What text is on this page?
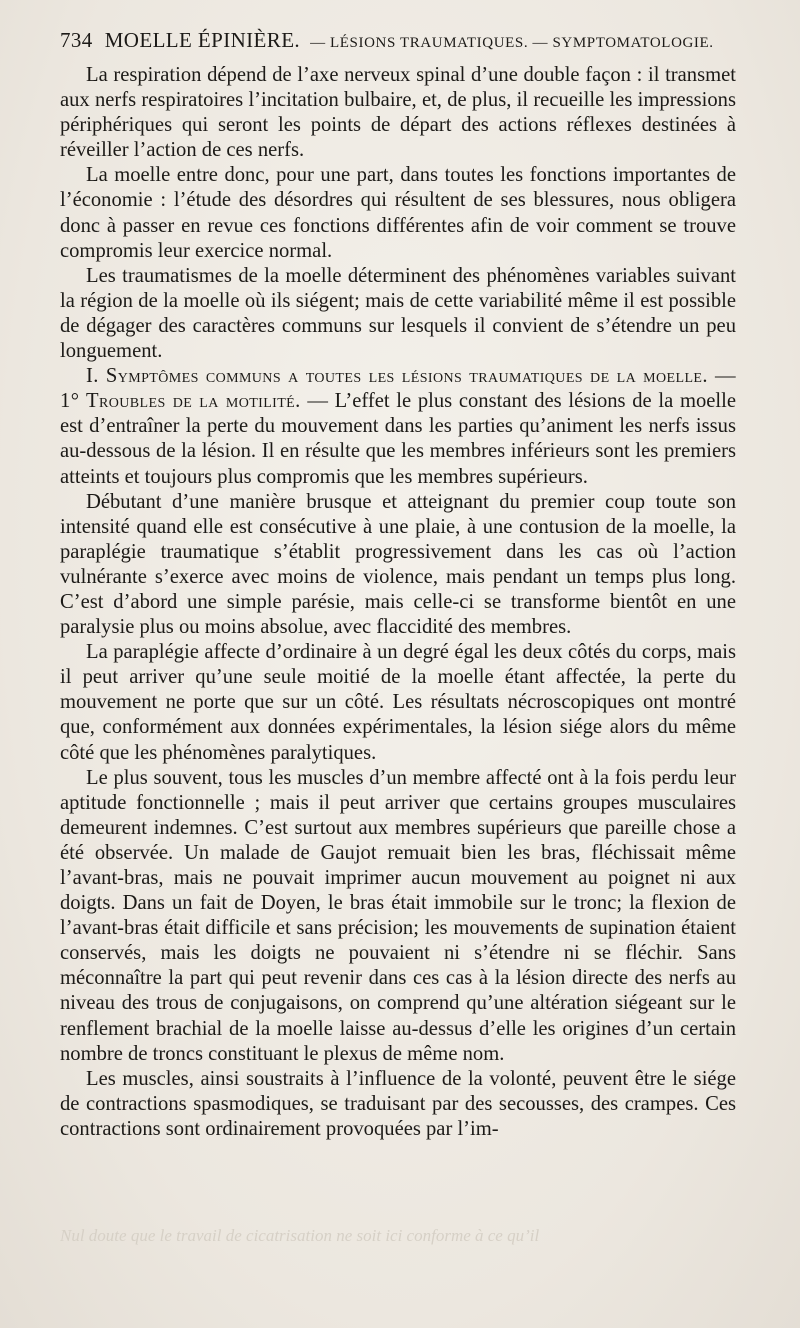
734 MOELLE ÉPINIÈRE. — LÉSIONS TRAUMATIQUES. — SYMPTOMATOLOGIE.

La respiration dépend de l’axe nerveux spinal d’une double façon : il transmet aux nerfs respiratoires l’incitation bulbaire, et, de plus, il recueille les impressions périphériques qui seront les points de départ des actions réflexes destinées à réveiller l’action de ces nerfs.

La moelle entre donc, pour une part, dans toutes les fonctions importantes de l’économie : l’étude des désordres qui résultent de ses blessures, nous obligera donc à passer en revue ces fonctions différentes afin de voir comment se trouve compromis leur exercice normal.

Les traumatismes de la moelle déterminent des phénomènes variables suivant la région de la moelle où ils siégent; mais de cette variabilité même il est possible de dégager des caractères communs sur lesquels il convient de s’étendre un peu longuement.

I. Symptômes communs a toutes les lésions traumatiques de la moelle. — 1° Troubles de la motilité. — L’effet le plus constant des lésions de la moelle est d’entraîner la perte du mouvement dans les parties qu’animent les nerfs issus au-dessous de la lésion. Il en résulte que les membres inférieurs sont les premiers atteints et toujours plus compromis que les membres supérieurs.

Débutant d’une manière brusque et atteignant du premier coup toute son intensité quand elle est consécutive à une plaie, à une contusion de la moelle, la paraplégie traumatique s’établit progressivement dans les cas où l’action vulnérante s’exerce avec moins de violence, mais pendant un temps plus long. C’est d’abord une simple parésie, mais celle-ci se transforme bientôt en une paralysie plus ou moins absolue, avec flaccidité des membres.

La paraplégie affecte d’ordinaire à un degré égal les deux côtés du corps, mais il peut arriver qu’une seule moitié de la moelle étant affectée, la perte du mouvement ne porte que sur un côté. Les résultats nécroscopiques ont montré que, conformément aux données expérimentales, la lésion siége alors du même côté que les phénomènes paralytiques.

Le plus souvent, tous les muscles d’un membre affecté ont à la fois perdu leur aptitude fonctionnelle ; mais il peut arriver que certains groupes musculaires demeurent indemnes. C’est surtout aux membres supérieurs que pareille chose a été observée. Un malade de Gaujot remuait bien les bras, fléchissait même l’avant-bras, mais ne pouvait imprimer aucun mouvement au poignet ni aux doigts. Dans un fait de Doyen, le bras était immobile sur le tronc; la flexion de l’avant-bras était difficile et sans précision; les mouvements de supination étaient conservés, mais les doigts ne pouvaient ni s’étendre ni se fléchir. Sans méconnaître la part qui peut revenir dans ces cas à la lésion directe des nerfs au niveau des trous de conjugaisons, on comprend qu’une altération siégeant sur le renflement brachial de la moelle laisse au-dessus d’elle les origines d’un certain nombre de troncs constituant le plexus de même nom.

Les muscles, ainsi soustraits à l’influence de la volonté, peuvent être le siége de contractions spasmodiques, se traduisant par des secousses, des crampes. Ces contractions sont ordinairement provoquées par l’im-

Nul doute que le travail de cicatrisation ne soit ici conforme à ce qu’il
